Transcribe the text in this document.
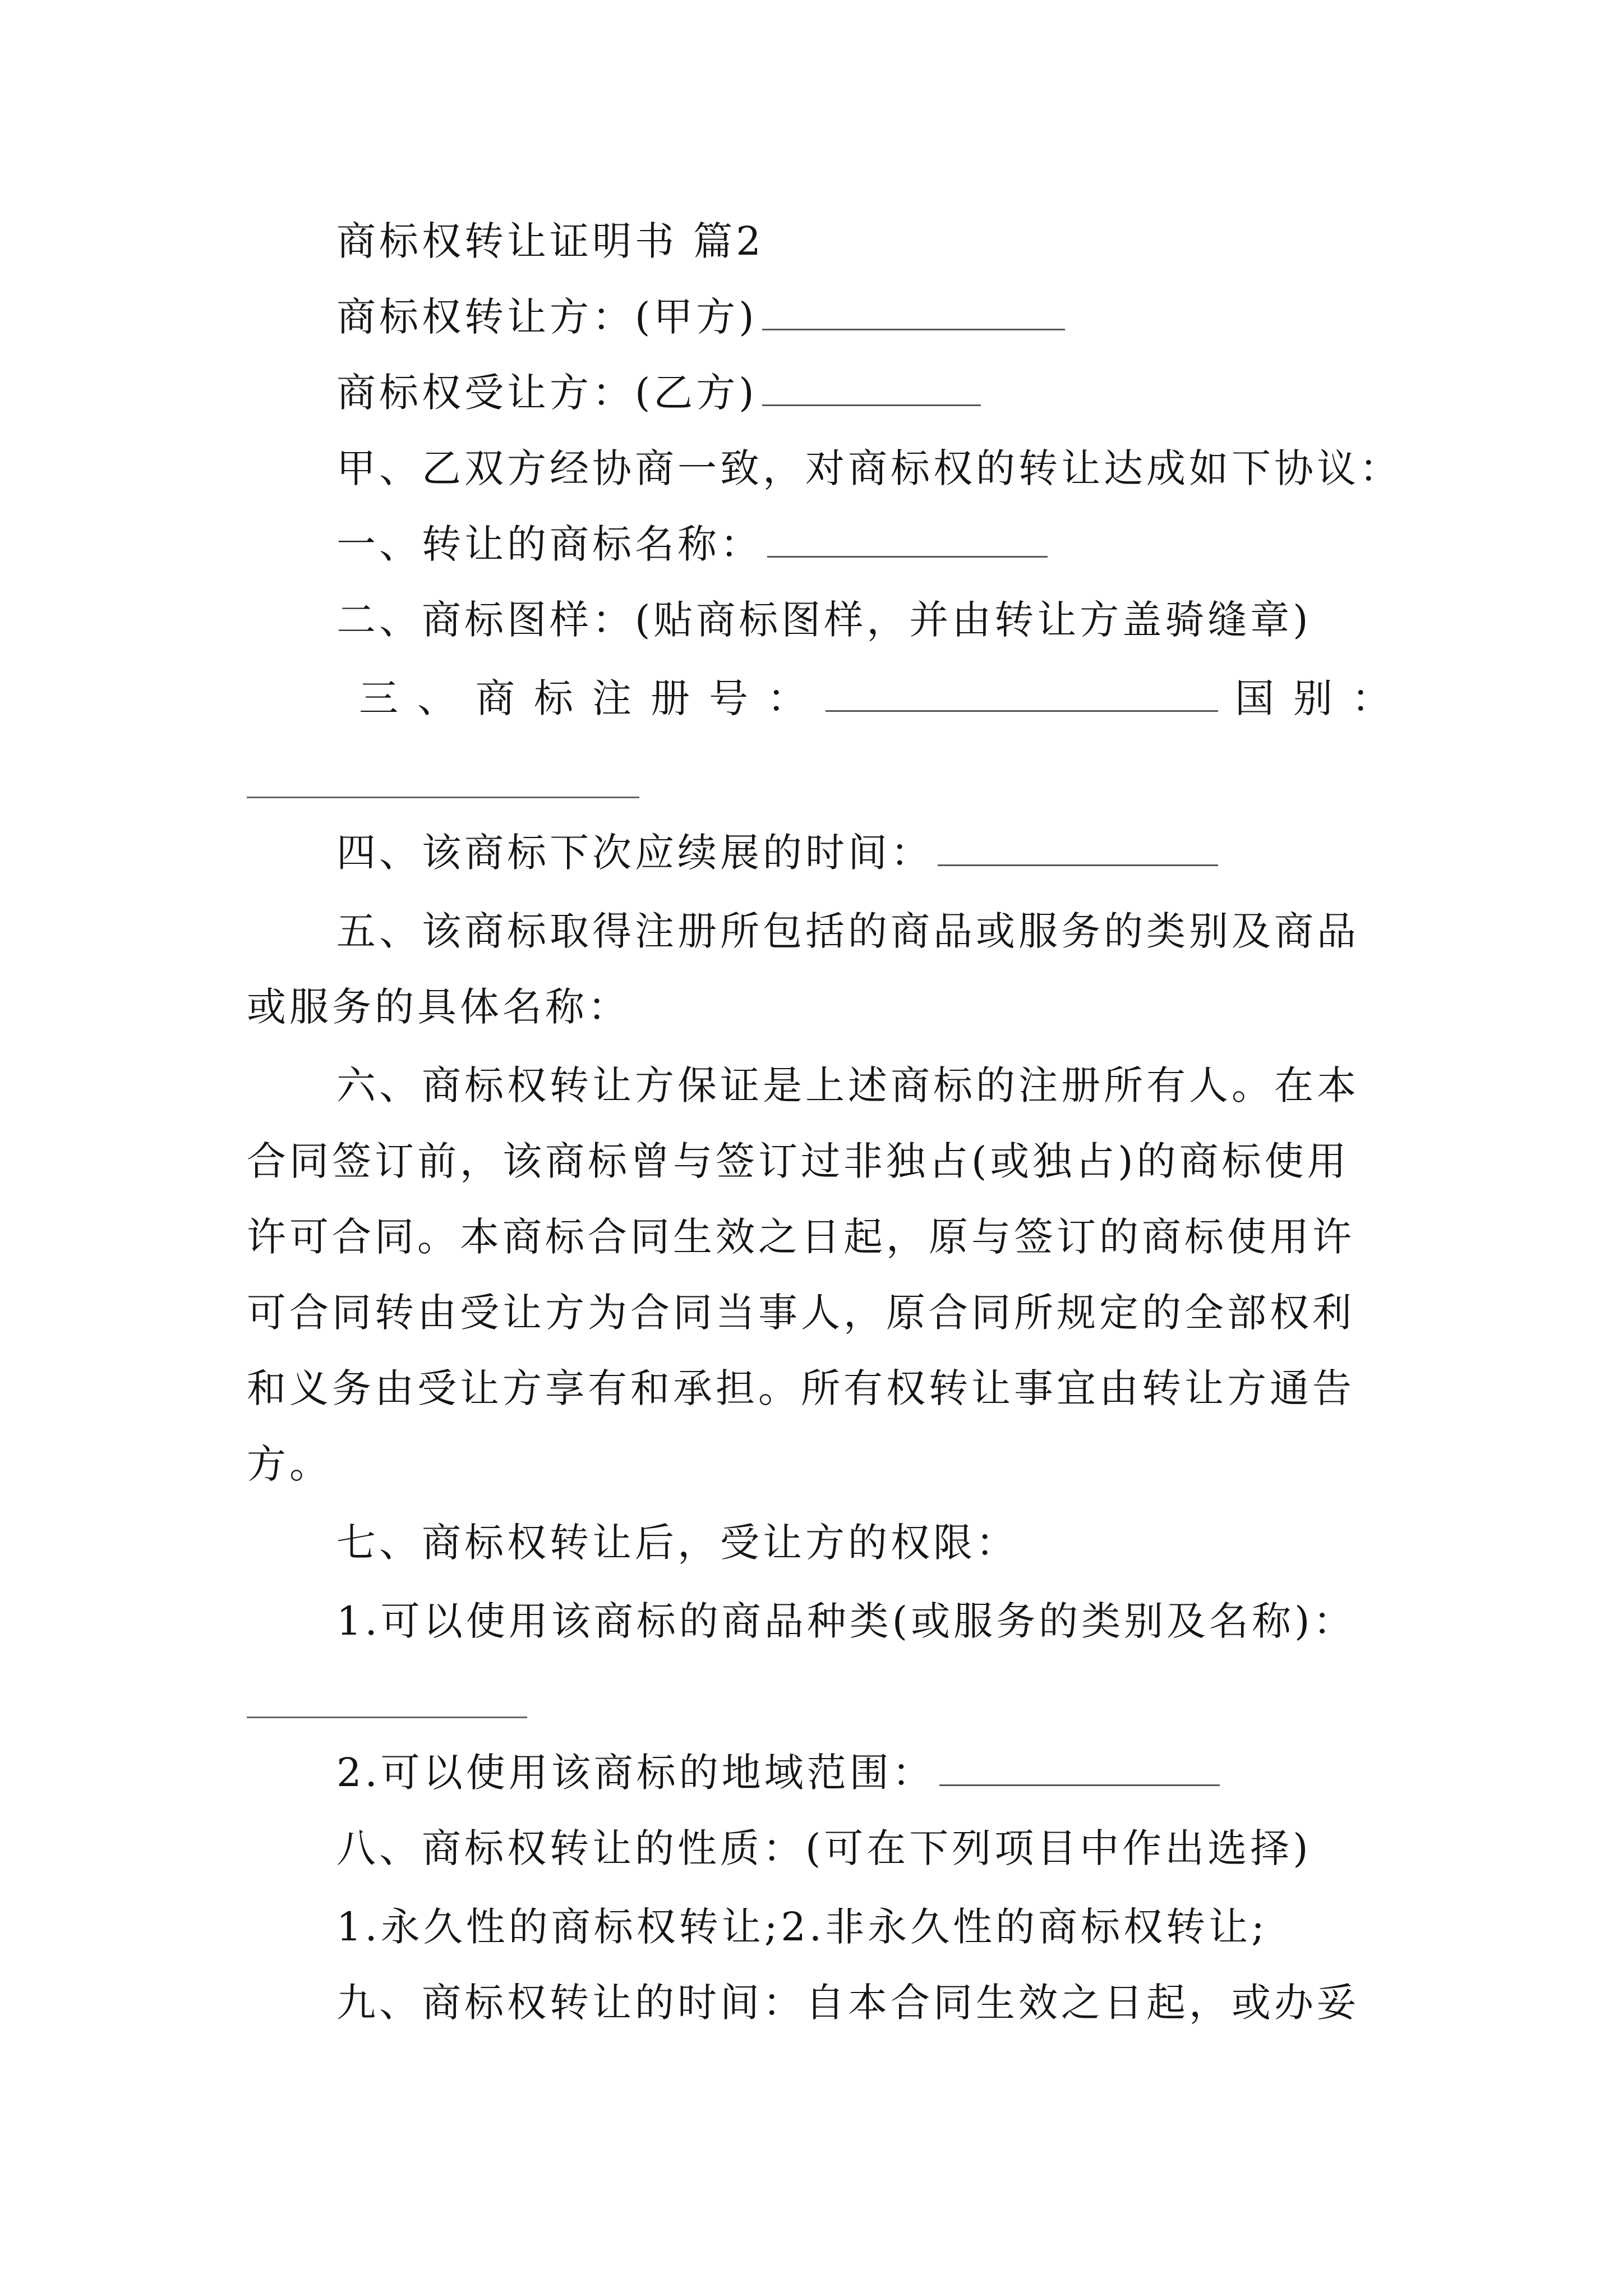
商标权转让证明书 篇2
商标权转让方：(甲方)
商标权受让方：(乙方)
甲、乙双方经协商一致，对商标权的转让达成如下协议：
一、转让的商标名称：
二、商标图样：(贴商标图样，并由转让方盖骑缝章)
三、商标注册号：	国别：
四、该商标下次应续展的时间：
五、该商标取得注册所包括的商品或服务的类别及商品
或服务的具体名称：
六、商标权转让方保证是上述商标的注册所有人。在本
合同签订前，该商标曾与签订过非独占(或独占)的商标使用
许可合同。本商标合同生效之日起，原与签订的商标使用许
可合同转由受让方为合同当事人，原合同所规定的全部权利
和义务由受让方享有和承担。所有权转让事宜由转让方通告
方。
七、商标权转让后，受让方的权限：
1.可以使用该商标的商品种类(或服务的类别及名称)：
2.可以使用该商标的地域范围：
八、商标权转让的性质：(可在下列项目中作出选择)
1.永久性的商标权转让;2.非永久性的商标权转让;
九、商标权转让的时间：自本合同生效之日起，或办妥
